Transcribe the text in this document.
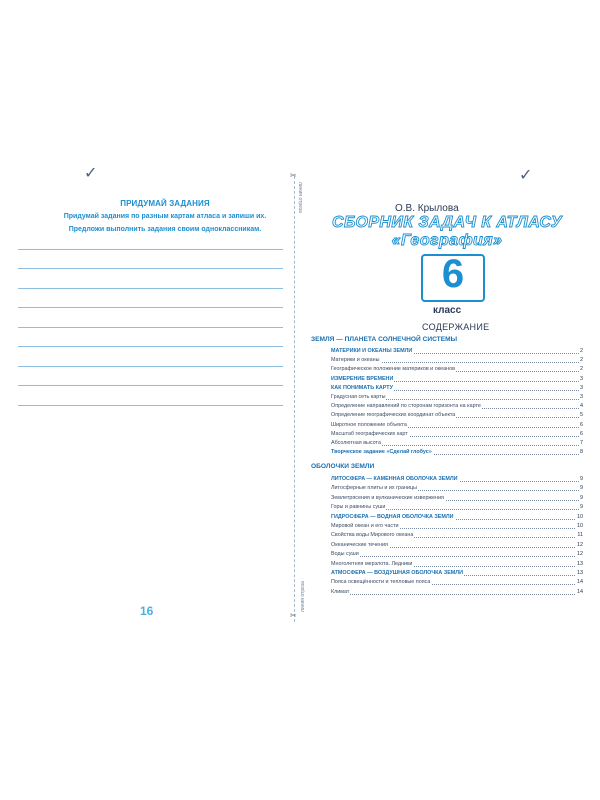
✓	✓
✂
✂
линия отреза
линия отреза
ПРИДУМАЙ ЗАДАНИЯ
Придумай задания по разным картам атласа и запиши их.
Предложи выполнить задания своим одноклассникам.
16
О.В. Крылова
СБОРНИК ЗАДАЧ К АТЛАСУ
«География»
6
класс
СОДЕРЖАНИЕ
ЗЕМЛЯ — ПЛАНЕТА СОЛНЕЧНОЙ СИСТЕМЫ
МАТЕРИКИ И ОКЕАНЫ ЗЕМЛИ	2
Материки и океаны	2
Географическое положение материков и океанов	2
ИЗМЕРЕНИЕ ВРЕМЕНИ	3
КАК ПОНИМАТЬ КАРТУ	3
Градусная сеть карты	3
Определение направлений по сторонам горизонта на карте	4
Определение географических координат объекта	5
Широтное положение объекта	6
Масштаб географических карт	6
Абсолютная высота	7
Творческое задание «Сделай глобус»	8
ОБОЛОЧКИ ЗЕМЛИ
ЛИТОСФЕРА — КАМЕННАЯ ОБОЛОЧКА ЗЕМЛИ	9
Литосферные плиты и их границы	9
Землетрясения и вулканические извержения	9
Горы и равнины суши	9
ГИДРОСФЕРА — ВОДНАЯ ОБОЛОЧКА ЗЕМЛИ	10
Мировой океан и его части	10
Свойства воды Мирового океана	11
Океанические течения	12
Воды суши	12
Многолетняя мерзлота. Ледники	13
АТМОСФЕРА — ВОЗДУШНАЯ ОБОЛОЧКА ЗЕМЛИ	13
Пояса освещённости и тепловые пояса	14
Климат	14
